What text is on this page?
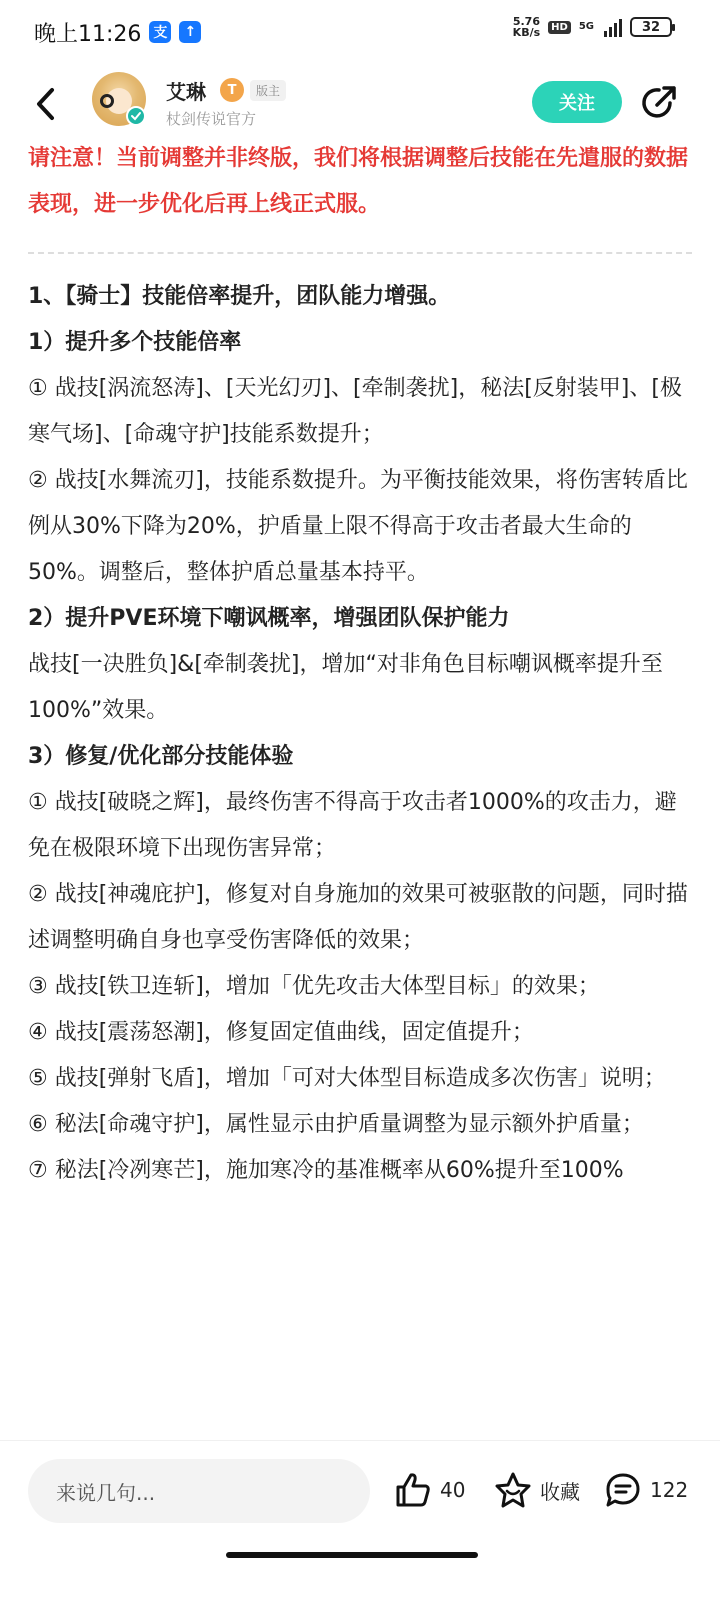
晚上11:26 支	↑
5.76
KB/s	HD	5G	32
艾琳	T	版主
杖剑传说官方
关注

请注意！当前调整并非终版，我们将根据调整后技能在先遣服的数据表现，进一步优化后再上线正式服。

1、【骑士】技能倍率提升，团队能力增强。

1）提升多个技能倍率

① 战技[涡流怒涛]、[天光幻刃]、[牵制袭扰]，秘法[反射装甲]、[极寒气场]、[命魂守护]技能系数提升；

② 战技[水舞流刃]，技能系数提升。为平衡技能效果，将伤害转盾比例从30%下降为20%，护盾量上限不得高于攻击者最大生命的50%。调整后，整体护盾总量基本持平。

2）提升PVE环境下嘲讽概率，增强团队保护能力

战技[一决胜负]&[牵制袭扰]，增加“对非角色目标嘲讽概率提升至100%”效果。

3）修复/优化部分技能体验

① 战技[破晓之辉]，最终伤害不得高于攻击者1000%的攻击力，避免在极限环境下出现伤害异常；

② 战技[神魂庇护]，修复对自身施加的效果可被驱散的问题，同时描述调整明确自身也享受伤害降低的效果；

③ 战技[铁卫连斩]，增加「优先攻击大体型目标」的效果；

④ 战技[震荡怒潮]，修复固定值曲线，固定值提升；

⑤ 战技[弹射飞盾]，增加「可对大体型目标造成多次伤害」说明；

⑥ 秘法[命魂守护]，属性显示由护盾量调整为显示额外护盾量；

⑦ 秘法[冷冽寒芒]，施加寒冷的基准概率从60%提升至100%

来说几句...	40	收藏	122
